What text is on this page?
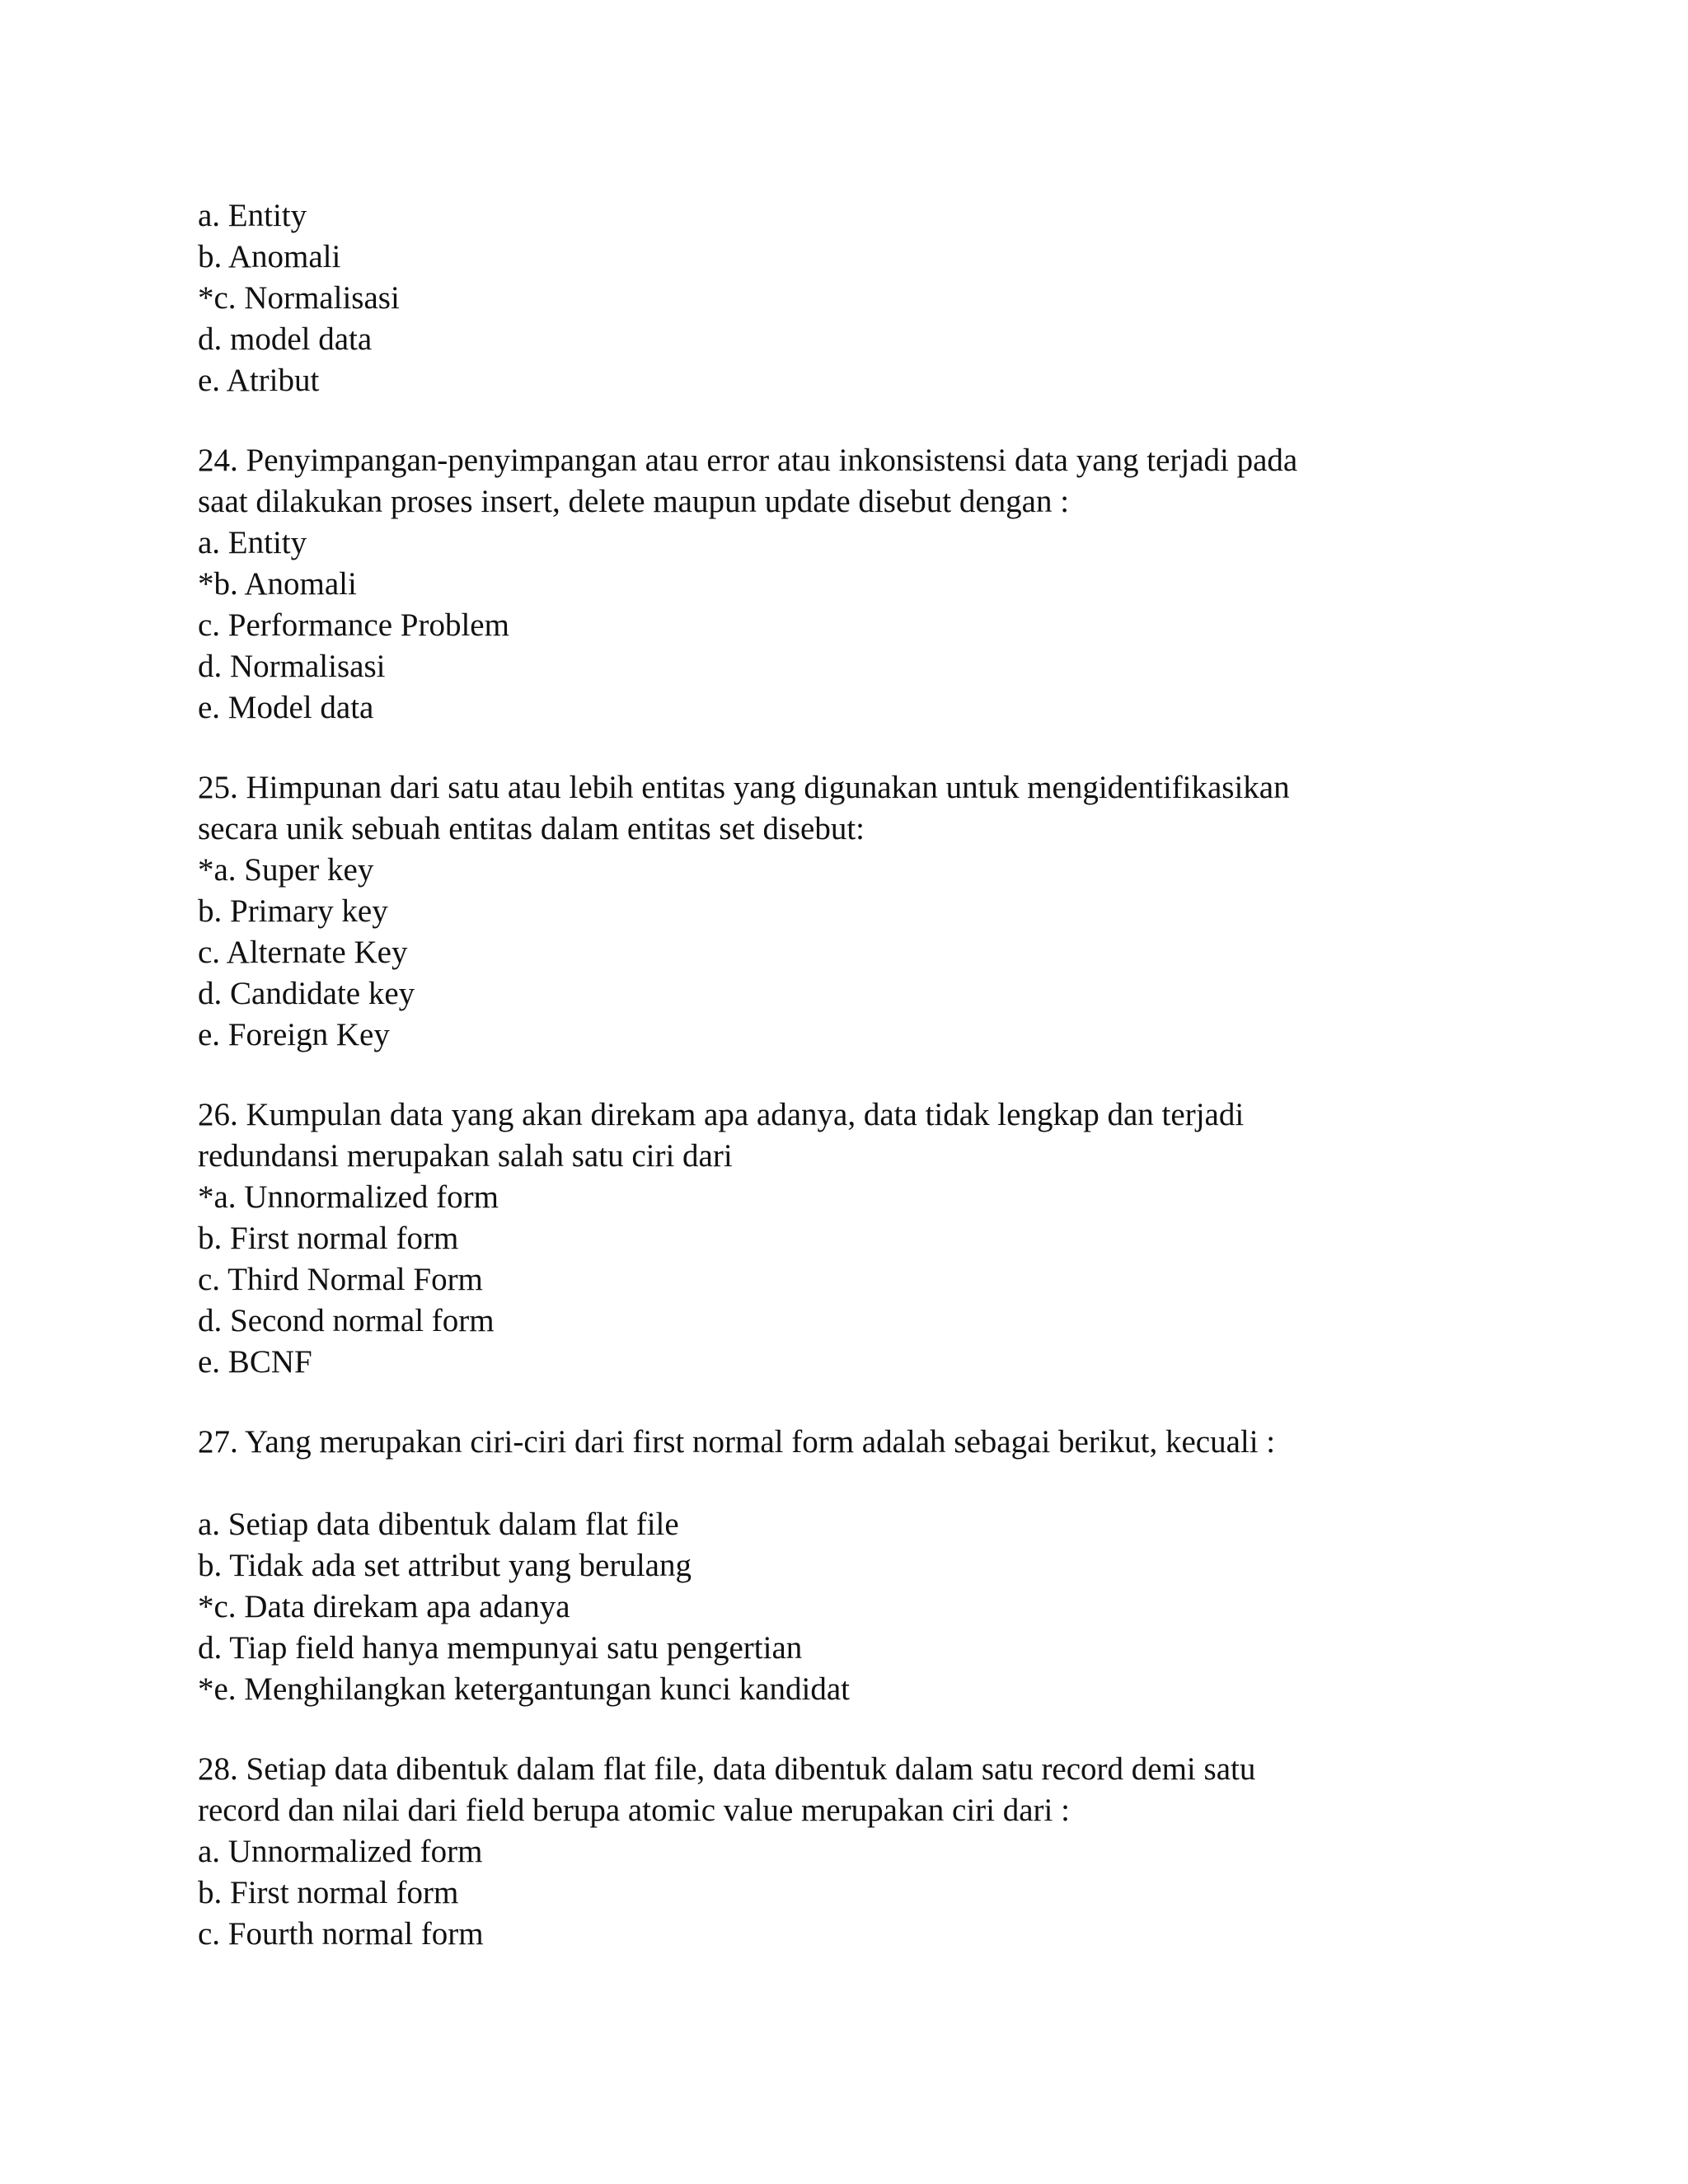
a. Entity
b. Anomali
*c. Normalisasi
d. model data
e. Atribut
24. Penyimpangan-penyimpangan atau error atau inkonsistensi data yang terjadi pada
saat dilakukan proses insert, delete maupun update disebut dengan :
a. Entity
*b. Anomali
c. Performance Problem
d. Normalisasi
e. Model data
25. Himpunan dari satu atau lebih entitas yang digunakan untuk mengidentifikasikan
secara unik sebuah entitas dalam entitas set disebut:
*a. Super key
b. Primary key
c. Alternate Key
d. Candidate key
e. Foreign Key
26. Kumpulan data yang akan direkam apa adanya, data tidak lengkap dan terjadi
redundansi merupakan salah satu ciri dari
*a. Unnormalized form
b. First normal form
c. Third Normal Form
d. Second normal form
e. BCNF
27. Yang merupakan ciri-ciri dari first normal form adalah sebagai berikut, kecuali :
a. Setiap data dibentuk dalam flat file
b. Tidak ada set attribut yang berulang
*c. Data direkam apa adanya
d. Tiap field hanya mempunyai satu pengertian
*e. Menghilangkan ketergantungan kunci kandidat
28. Setiap data dibentuk dalam flat file, data dibentuk dalam satu record demi satu
record dan nilai dari field berupa atomic value merupakan ciri dari :
a. Unnormalized form
b. First normal form
c. Fourth normal form
